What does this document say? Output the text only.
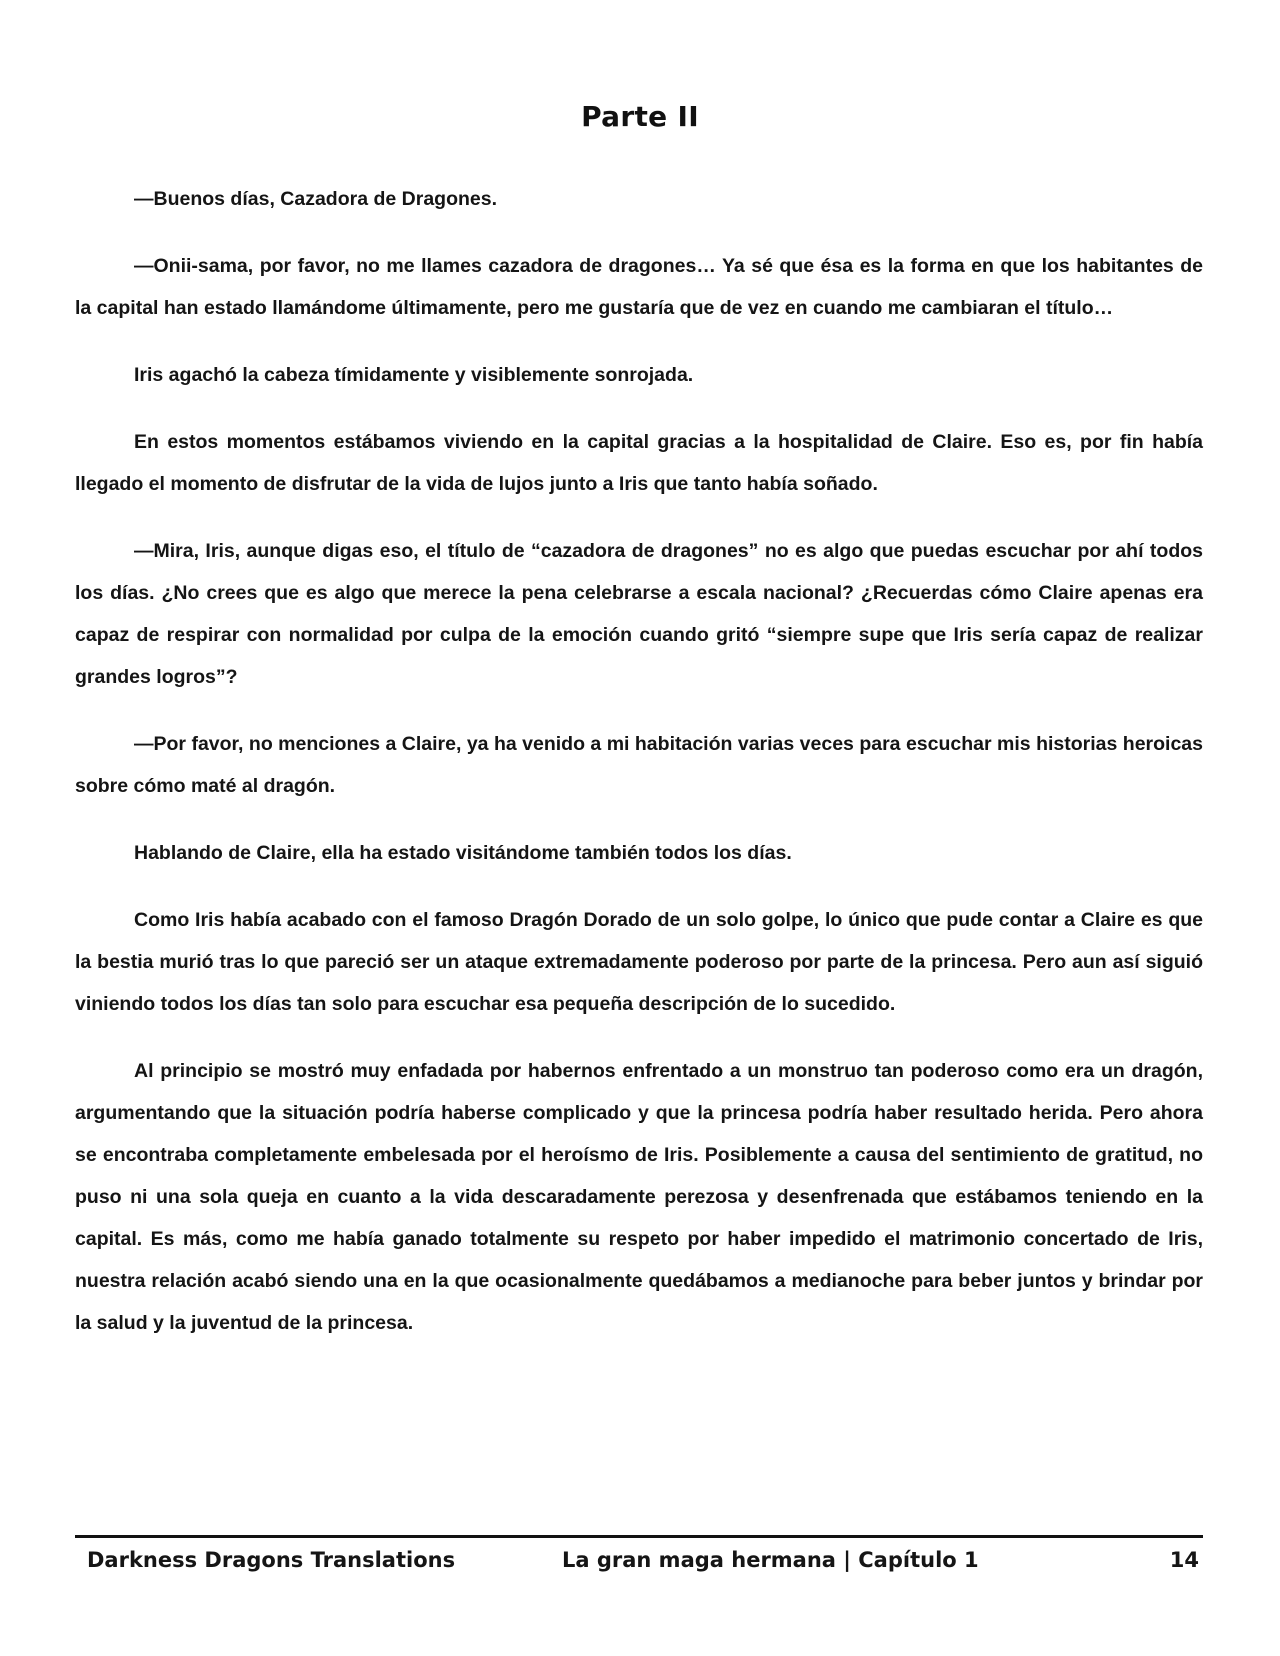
Parte II

—Buenos días, Cazadora de Dragones.

—Onii-sama, por favor, no me llames cazadora de dragones… Ya sé que ésa es la forma en que los habitantes de la capital han estado llamándome últimamente, pero me gustaría que de vez en cuando me cambiaran el título…

Iris agachó la cabeza tímidamente y visiblemente sonrojada.

En estos momentos estábamos viviendo en la capital gracias a la hospitalidad de Claire. Eso es, por fin había llegado el momento de disfrutar de la vida de lujos junto a Iris que tanto había soñado.

—Mira, Iris, aunque digas eso, el título de “cazadora de dragones” no es algo que puedas escuchar por ahí todos los días. ¿No crees que es algo que merece la pena celebrarse a escala nacional? ¿Recuerdas cómo Claire apenas era capaz de respirar con normalidad por culpa de la emoción cuando gritó “siempre supe que Iris sería capaz de realizar grandes logros”?

—Por favor, no menciones a Claire, ya ha venido a mi habitación varias veces para escuchar mis historias heroicas sobre cómo maté al dragón.

Hablando de Claire, ella ha estado visitándome también todos los días.

Como Iris había acabado con el famoso Dragón Dorado de un solo golpe, lo único que pude contar a Claire es que la bestia murió tras lo que pareció ser un ataque extremadamente poderoso por parte de la princesa. Pero aun así siguió viniendo todos los días tan solo para escuchar esa pequeña descripción de lo sucedido.

Al principio se mostró muy enfadada por habernos enfrentado a un monstruo tan poderoso como era un dragón, argumentando que la situación podría haberse complicado y que la princesa podría haber resultado herida. Pero ahora se encontraba completamente embelesada por el heroísmo de Iris. Posiblemente a causa del sentimiento de gratitud, no puso ni una sola queja en cuanto a la vida descaradamente perezosa y desenfrenada que estábamos teniendo en la capital. Es más, como me había ganado totalmente su respeto por haber impedido el matrimonio concertado de Iris, nuestra relación acabó siendo una en la que ocasionalmente quedábamos a medianoche para beber juntos y brindar por la salud y la juventud de la princesa.

Darkness Dragons Translations	La gran maga hermana | Capítulo 1	14
